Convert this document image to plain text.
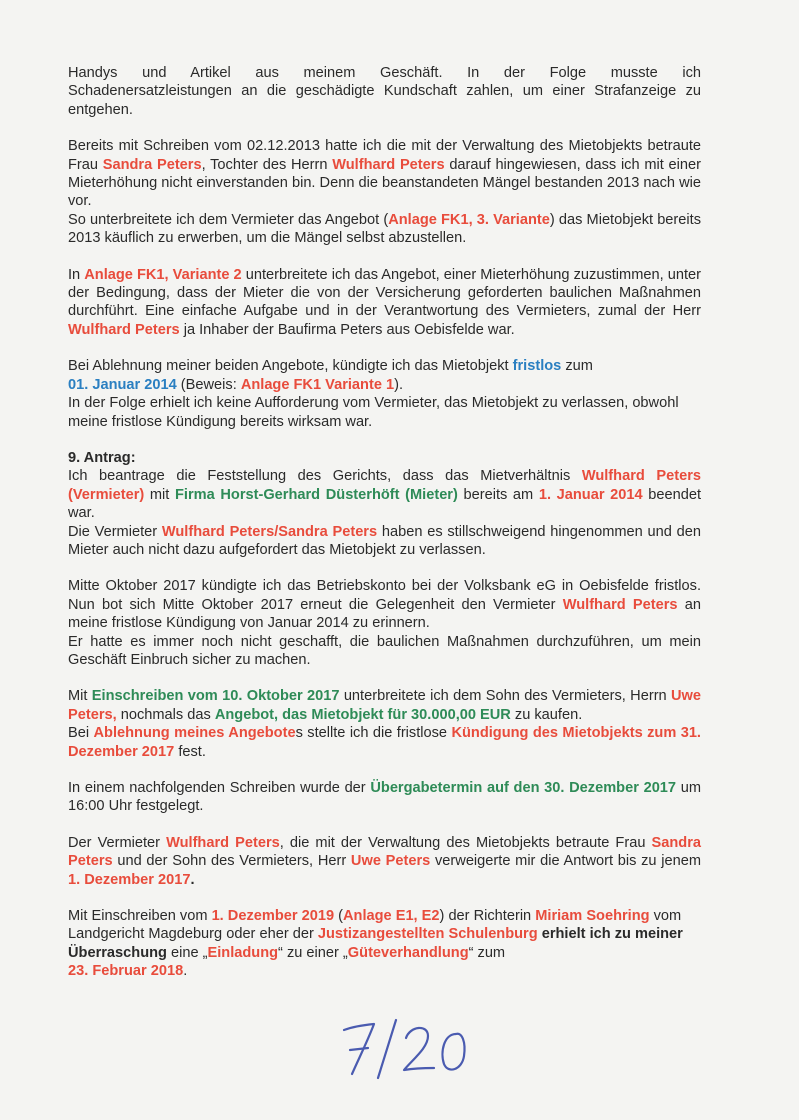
Handys und Artikel aus meinem Geschäft. In der Folge musste ich
Schadenersatzleistungen an die geschädigte Kundschaft zahlen, um einer Strafanzeige zu
entgehen.

Bereits mit Schreiben vom 02.12.2013 hatte ich die mit der Verwaltung des Mietobjekts betraute Frau Sandra Peters, Tochter des Herrn Wulfhard Peters darauf hingewiesen, dass ich mit einer Mieterhöhung nicht einverstanden bin. Denn die beanstandeten Mängel bestanden 2013 nach wie vor.
So unterbreitete ich dem Vermieter das Angebot (Anlage FK1, 3. Variante) das Mietobjekt bereits 2013 käuflich zu erwerben, um die Mängel selbst abzustellen.

In Anlage FK1, Variante 2 unterbreitete ich das Angebot, einer Mieterhöhung zuzustimmen, unter der Bedingung, dass der Mieter die von der Versicherung geforderten baulichen Maßnahmen durchführt. Eine einfache Aufgabe und in der Verantwortung des Vermieters, zumal der Herr Wulfhard Peters ja Inhaber der Baufirma Peters aus Oebisfelde war.

Bei Ablehnung meiner beiden Angebote, kündigte ich das Mietobjekt fristlos zum
01. Januar 2014 (Beweis: Anlage FK1 Variante 1).
In der Folge erhielt ich keine Aufforderung vom Vermieter, das Mietobjekt zu verlassen, obwohl meine fristlose Kündigung bereits wirksam war.

9. Antrag:

Ich beantrage die Feststellung des Gerichts, dass das Mietverhältnis Wulfhard Peters (Vermieter) mit Firma Horst-Gerhard Düsterhöft (Mieter) bereits am 1. Januar 2014 beendet war.
Die Vermieter Wulfhard Peters/Sandra Peters haben es stillschweigend hingenommen und den Mieter auch nicht dazu aufgefordert das Mietobjekt zu verlassen.

Mitte Oktober 2017 kündigte ich das Betriebskonto bei der Volksbank eG in Oebisfelde fristlos. Nun bot sich Mitte Oktober 2017 erneut die Gelegenheit den Vermieter Wulfhard Peters an meine fristlose Kündigung von Januar 2014 zu erinnern.
Er hatte es immer noch nicht geschafft, die baulichen Maßnahmen durchzuführen, um mein Geschäft Einbruch sicher zu machen.

Mit Einschreiben vom 10. Oktober 2017 unterbreitete ich dem Sohn des Vermieters, Herrn Uwe Peters, nochmals das Angebot, das Mietobjekt für 30.000,00 EUR zu kaufen.
Bei Ablehnung meines Angebotes stellte ich die fristlose Kündigung des Mietobjekts zum 31. Dezember 2017 fest.

In einem nachfolgenden Schreiben wurde der Übergabetermin auf den 30. Dezember 2017 um 16:00 Uhr festgelegt.

Der Vermieter Wulfhard Peters, die mit der Verwaltung des Mietobjekts betraute Frau Sandra Peters und der Sohn des Vermieters, Herr Uwe Peters verweigerte mir die Antwort bis zu jenem 1. Dezember 2017.

Mit Einschreiben vom 1. Dezember 2019 (Anlage E1, E2) der Richterin Miriam Soehring vom Landgericht Magdeburg oder eher der Justizangestellten Schulenburg erhielt ich zu meiner Überraschung eine „Einladung“ zu einer „Güteverhandlung“ zum
23. Februar 2018.
